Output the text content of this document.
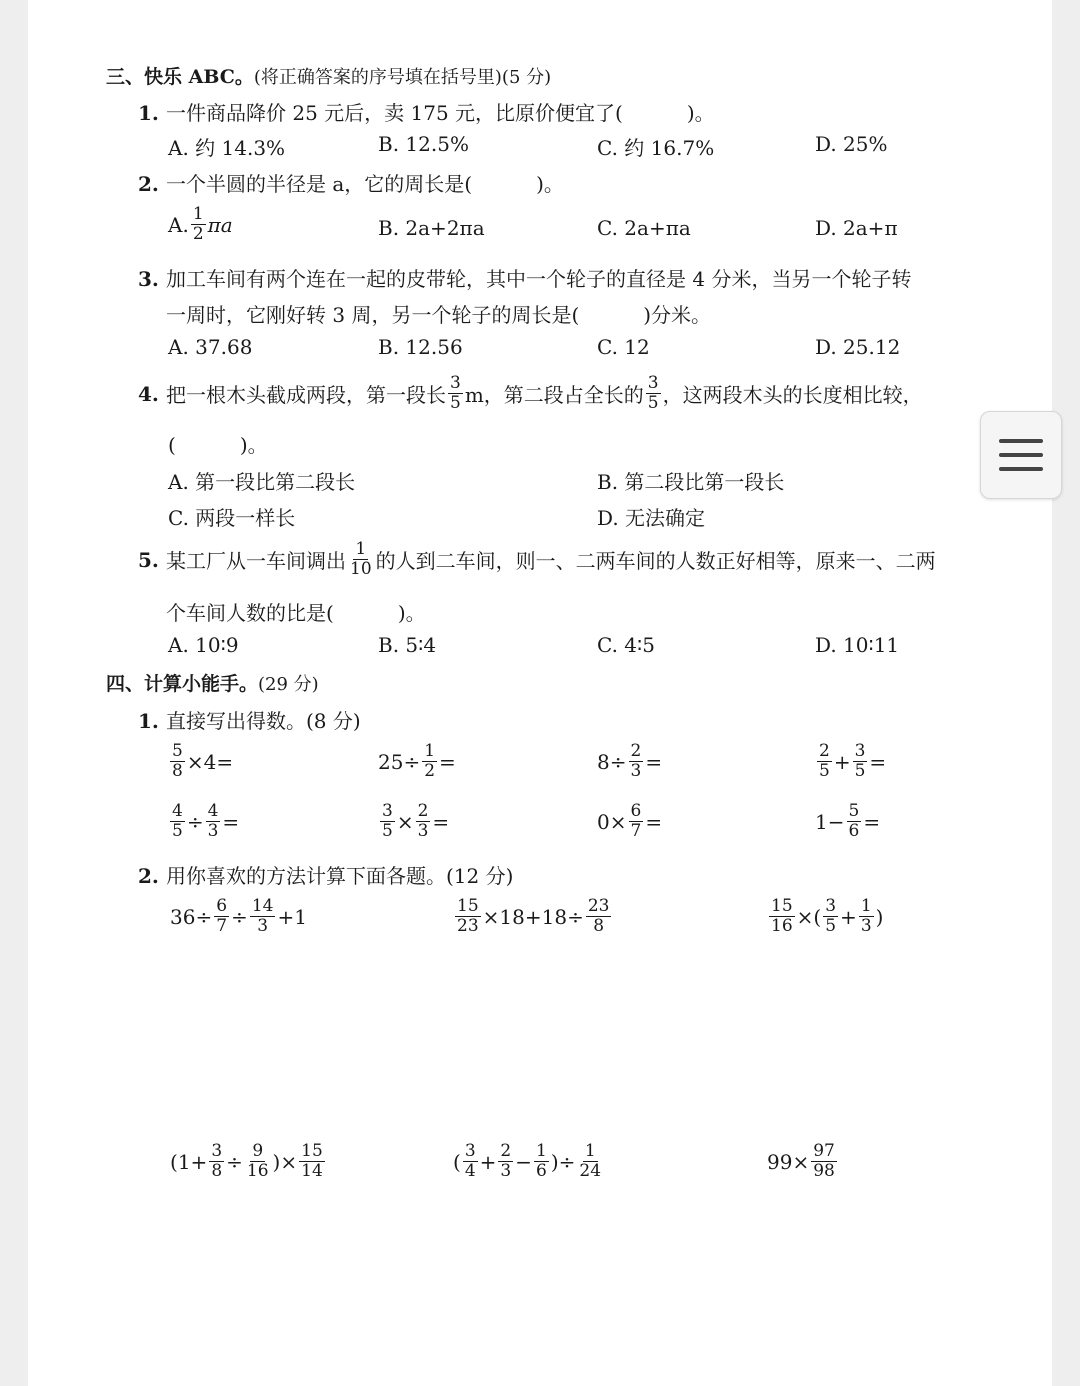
三、快乐 ABC。(将正确答案的序号填在括号里)(5 分)
1. 一件商品降价 25 元后，卖 175 元，比原价便宜了(	)。
A. 约 14.3%	B. 12.5%	C. 约 16.7%	D. 25%
2. 一个半圆的半径是 a，它的周长是(	)。
A. $\frac{1}{2}$ πa	B. 2a+2πa	C. 2a+πa	D. 2a+π
3. 加工车间有两个连在一起的皮带轮，其中一个轮子的直径是 4 分米，当另一个轮子转
一周时，它刚好转 3 周，另一个轮子的周长是(	)分米。
A. 37.68	B. 12.56	C. 12	D. 25.12
4. 把一根木头截成两段，第一段长 $\frac{3}{5}$ m，第二段占全长的 $\frac{3}{5}$ ，这两段木头的长度相比较，
(	)。
A. 第一段比第二段长	B. 第二段比第一段长
C. 两段一样长	D. 无法确定
5. 某工厂从一车间调出 $\frac{1}{10}$ 的人到二车间，则一、二两车间的人数正好相等，原来一、二两
个车间人数的比是(	)。
A. 10∶9	B. 5∶4	C. 4∶5	D. 10∶11
四、计算小能手。(29 分)
1. 直接写出得数。(8 分)
$\frac{5}{8} \times 4$ =	$25 \div \frac{1}{2}$ =	$8 \div \frac{2}{3}$ =	$\frac{2}{5} + \frac{3}{5}$ =
$\frac{4}{5} \div \frac{4}{3}$ =	$\frac{3}{5} \times \frac{2}{3}$ =	$0 \times \frac{6}{7}$ =	$1 - \frac{5}{6}$ =
2. 用你喜欢的方法计算下面各题。(12 分)
$36 \div \frac{6}{7} \div \frac{14}{3} + 1$	$\frac{15}{23} \times 18 + 18 \div \frac{23}{8}$	$\frac{15}{16}$ × ( $\frac{3}{5} + \frac{1}{3}$ )
( $1 + \frac{3}{8} \div \frac{9}{16}$ ) × $\frac{15}{14}$	( $\frac{3}{4} + \frac{2}{3} - \frac{1}{6}$ ) ÷ $\frac{1}{24}$	$99 \times \frac{97}{98}$
